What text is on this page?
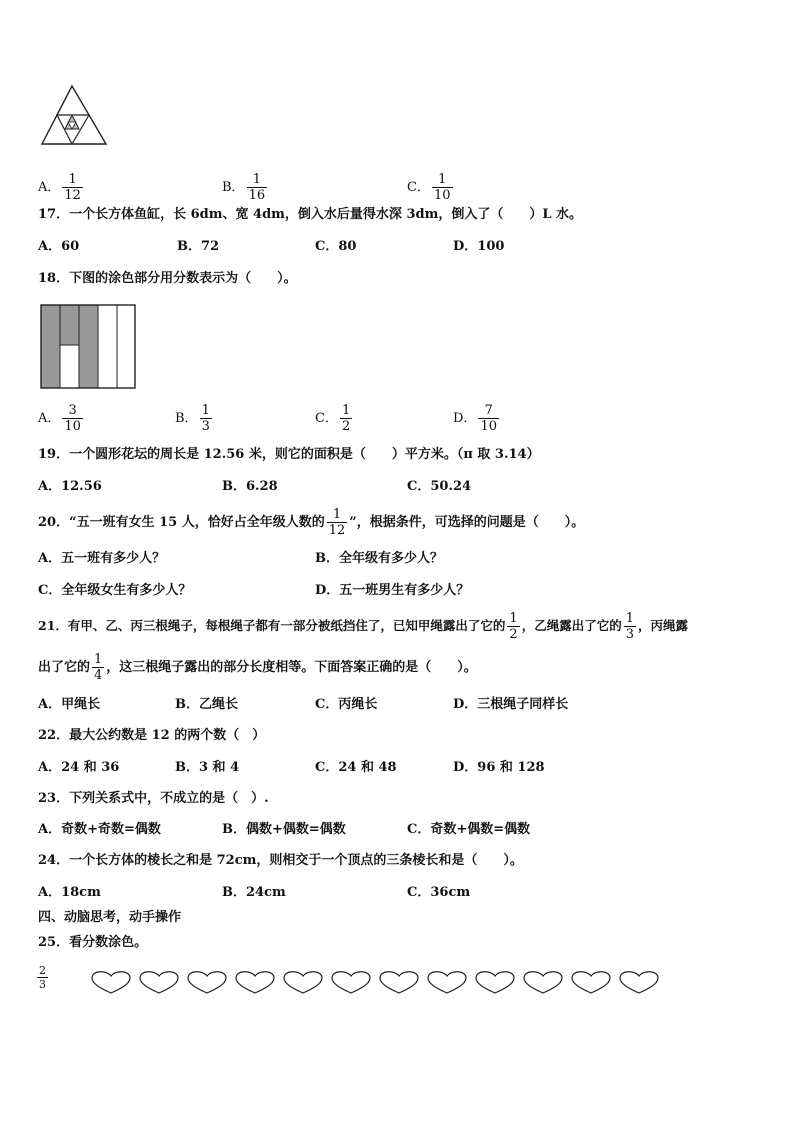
A． $\frac{1}{12}$	B． $\frac{1}{16}$	C． $\frac{1}{10}$
17．一个长方体鱼缸，长 6dm、宽 4dm，倒入水后量得水深 3dm，倒入了（　　）L 水。
A．60	B．72	C．80	D．100
18．下图的涂色部分用分数表示为（　　）。
A． $\frac{3}{10}$	B． $\frac{1}{3}$	C． $\frac{1}{2}$	D． $\frac{7}{10}$
19．一个圆形花坛的周长是 12.56 米，则它的面积是（　　）平方米。（π 取 3.14）
A．12.56	B．6.28	C．50.24
20．“五一班有女生 15 人，恰好占全年级人数的 $\frac{1}{12}$ ”，根据条件，可选择的问题是（　　）。
A．五一班有多少人？	B．全年级有多少人？
C．全年级女生有多少人？	D．五一班男生有多少人？
21．有甲、乙、丙三根绳子，每根绳子都有一部分被纸挡住了，已知甲绳露出了它的 $\frac{1}{2}$ ，乙绳露出了它的 $\frac{1}{3}$ ，丙绳露
出了它的 $\frac{1}{4}$ ，这三根绳子露出的部分长度相等。下面答案正确的是（　　）。
A．甲绳长	B．乙绳长	C．丙绳长	D．三根绳子同样长
22．最大公约数是 12 的两个数（　）
A．24 和 36	B．3 和 4	C．24 和 48	D．96 和 128
23．下列关系式中，不成立的是（　）.
A．奇数+奇数=偶数	B．偶数+偶数=偶数	C．奇数+偶数=偶数
24．一个长方体的棱长之和是 72cm，则相交于一个顶点的三条棱长和是（　　）。
A．18cm	B．24cm	C．36cm
四、动脑思考，动手操作
25．看分数涂色。
$\frac{2}{3}$
